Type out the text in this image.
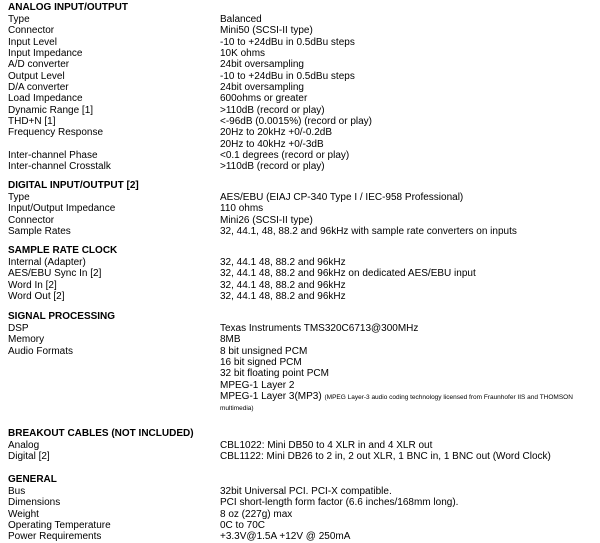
ANALOG INPUT/OUTPUT
Type	Balanced
Connector	Mini50 (SCSI-II type)
Input Level	-10 to +24dBu in 0.5dBu steps
Input Impedance	10K ohms
A/D converter	24bit oversampling
Output Level	-10 to +24dBu in 0.5dBu steps
D/A converter	24bit oversampling
Load Impedance	600ohms or greater
Dynamic Range [1]	>110dB (record or play)
THD+N [1]	<-96dB (0.0015%) (record or play)
Frequency Response	20Hz to 20kHz +0/-0.2dB
20Hz to 40kHz +0/-3dB
Inter-channel Phase	<0.1 degrees (record or play)
Inter-channel Crosstalk	>110dB (record or play)
DIGITAL INPUT/OUTPUT [2]
Type	AES/EBU (EIAJ CP-340 Type I / IEC-958 Professional)
Input/Output Impedance	110 ohms
Connector	Mini26 (SCSI-II type)
Sample Rates	32, 44.1, 48, 88.2 and 96kHz with sample rate converters on inputs
SAMPLE RATE CLOCK
Internal (Adapter)	32, 44.1 48, 88.2 and 96kHz
AES/EBU Sync In [2]	32, 44.1 48, 88.2 and 96kHz on dedicated AES/EBU input
Word In [2]	32, 44.1 48, 88.2 and 96kHz
Word Out [2]	32, 44.1 48, 88.2 and 96kHz
SIGNAL PROCESSING
DSP	Texas Instruments TMS320C6713@300MHz
Memory	8MB
Audio Formats	8 bit unsigned PCM
16 bit signed PCM
32 bit floating point PCM
MPEG-1 Layer 2
MPEG-1 Layer 3(MP3) (MPEG Layer-3 audio coding technology licensed from Fraunhofer IIS and THOMSON multimedia)
BREAKOUT CABLES (NOT INCLUDED)
Analog	CBL1022: Mini DB50 to 4 XLR in and 4 XLR out
Digital [2]	CBL1122: Mini DB26 to 2 in, 2 out XLR, 1 BNC in, 1 BNC out (Word Clock)
GENERAL
Bus	32bit Universal PCI. PCI-X compatible.
Dimensions	PCI short-length form factor (6.6 inches/168mm long).
Weight	8 oz (227g) max
Operating Temperature	0C to 70C
Power Requirements	+3.3V@1.5A +12V @ 250mA
